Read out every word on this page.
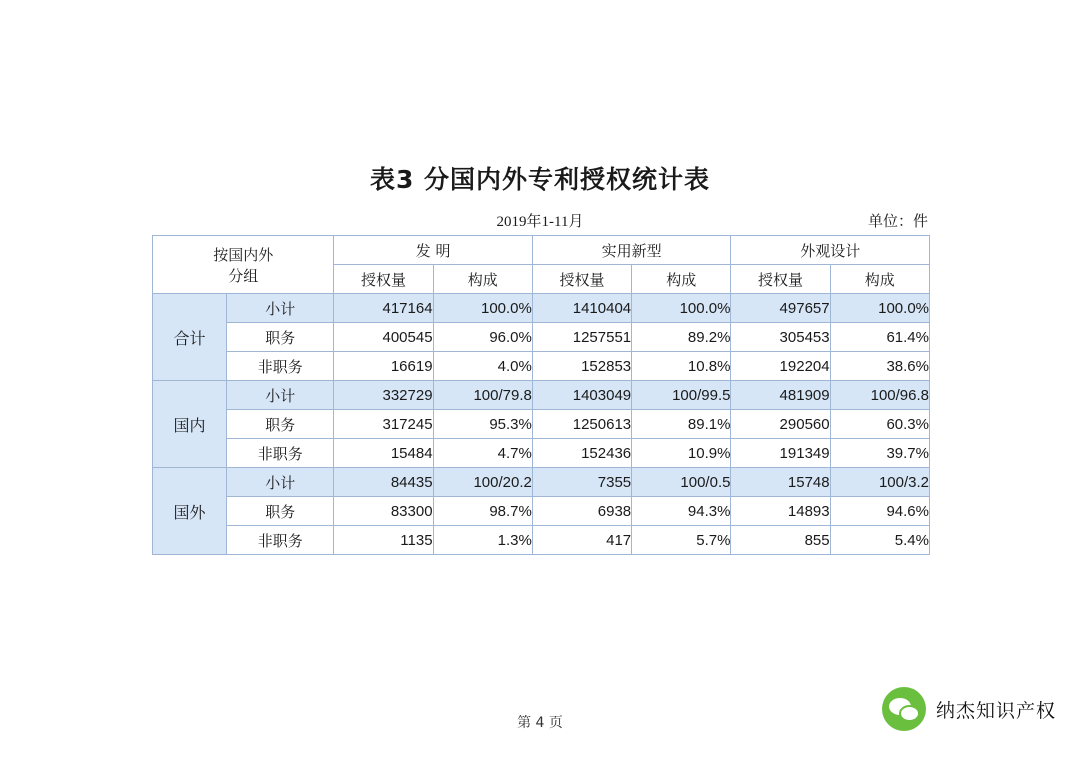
表3 分国内外专利授权统计表
2019年1-11月	单位：件
按国内外
分组		发 明		实用新型		外观设计	
		授权量	构成	授权量	构成	授权量	构成
合计	小计	417164	100.0%	1410404	100.0%	497657	100.0%
	职务	400545	96.0%	1257551	89.2%	305453	61.4%
	非职务	16619	4.0%	152853	10.8%	192204	38.6%
国内	小计	332729	100/79.8	1403049	100/99.5	481909	100/96.8
	职务	317245	95.3%	1250613	89.1%	290560	60.3%
	非职务	15484	4.7%	152436	10.9%	191349	39.7%
国外	小计	84435	100/20.2	7355	100/0.5	15748	100/3.2
	职务	83300	98.7%	6938	94.3%	14893	94.6%
	非职务	1135	1.3%	417	5.7%	855	5.4%
第 4 页
纳杰知识产权
